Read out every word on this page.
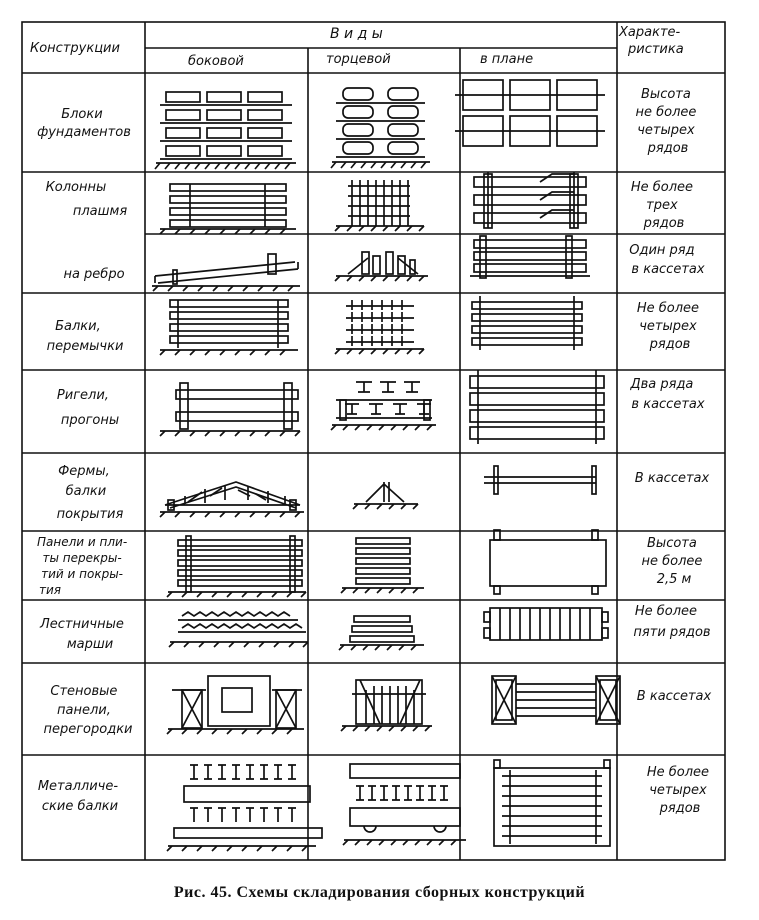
Конструкции
В и д ы
боковой	торцевой	в плане
Характе-
ристика
Блоки фундаментов
Колонны плашмя
на ребро
Балки, перемычки
Ригели, прогоны
Фермы, балки покрытия
Панели и пли- ты перекры- тий и покры- тия
Лестничные марши
Стеновые панели, перегородки
Металличе- ские балки
Высота не более четырех рядов
Не более трех рядов
Один ряд в кассетах
Не более четырех рядов
Два ряда в кассетах
В кассетах
Высота не более 2,5 м
Не более пяти рядов
В кассетах
Не более четырех рядов
Рис. 45. Схемы складирования сборных конструкций
